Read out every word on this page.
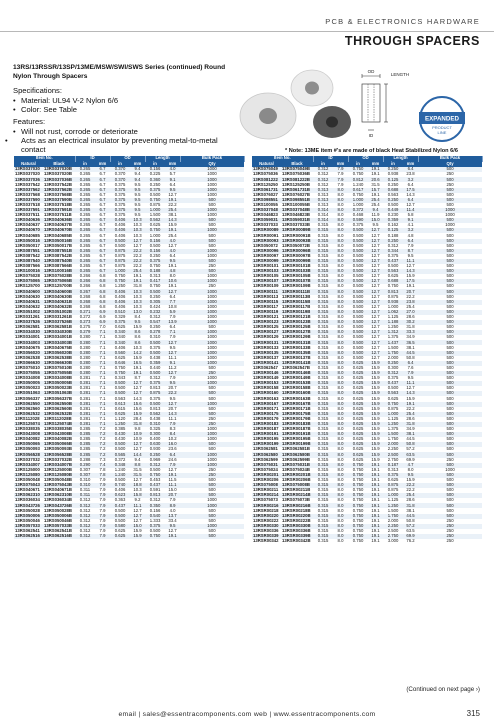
PCB & ELECTRONICS HARDWARE
THROUGH SPACERS
13RS/13RSSR/13SP/13ME/MSW/SWI/SWS Series (continued) Round Nylon Through Spacers
Specifications:
• Material: UL94 V-2 Nylon 6/6
• Color: See Table
Features:
• Will not rust, corrode or deteriorate
• Acts as an electrical insulator by preventing metal-to-metal contact
OD
ID
LENGTH
EXPANDED
PRODUCT
LINE
* Note: 13ME item #'s are made of black Heat Stabilized Nylon 6/6
Item No.		ID		OD		Length		Bulk Pack
Natural	Black	in	mm	in	mm	in	mm	Qty
13RS037030	13RS037030B	0.265	6.7	0.370	9.4	0.156	4.0	1000
13RS037020	13RS037020B	0.265	6.7	0.370	9.4	0.225	5.7	1000
13RS037036	13RS037036B	0.265	6.7	0.370	9.4	0.360	9.1	1000
13RS037542	13RS037542B	0.265	6.7	0.375	9.5	0.250	6.4	1000
13RS037562	13RS037562B	0.265	6.7	0.375	9.5	0.375	9.5	1000
13RS037568	13RS037568B	0.265	6.7	0.375	9.5	0.500	12.7	1000
13RS037590	13RS037590B	0.265	6.7	0.375	9.5	0.750	19.1	500
13RS037518	13RS037518B	0.265	6.7	0.375	9.5	0.875	22.2	500
13RS037591	13RS037591B	0.265	6.7	0.375	9.5	1.000	25.4	1000
13RS037511	13RS037511B	0.265	6.7	0.375	9.5	1.500	38.1	1000
13RS040636	13RS040636B	0.265	6.7	0.406	10.3	0.562	14.3	500
13RS040637	13RS040637B	0.265	6.7	0.406	10.3	0.625	15.9	500
13RS040670	13RS040670B	0.265	6.7	0.406	10.3	0.750	19.1	1000
13RS040685	13RS040685B	0.265	6.7	0.406	10.3	1.000	25.4	500
13RS050016	13RS050016B	0.265	6.7	0.500	12.7	0.156	4.0	500
13RS050017	13RS050017B	0.265	6.7	0.500	12.7	0.500	12.7	500
13RS087551	13RS087551B	0.265	6.7	0.875	22.2	0.156	4.0	1000
13RS087542	13RS087542B	0.265	6.7	0.875	22.2	0.250	6.4	1000
13RS087540	13RS087540B	0.265	6.7	0.875	22.2	0.375	9.5	500
13RS087566	13RS087566B	0.265	6.7	0.875	22.2	0.750	19.1	250
13RS100016	13RS100016B	0.265	6.7	1.000	25.4	0.188	4.8	500
13RS075028	13RS075028B	0.266	6.8	0.750	19.1	0.313	8.0	1000
13RS075065	13RS075065B	0.266	6.8	0.750	19.1	0.417	10.6	1000
13RS125700	13RS125700B	0.266	6.8	1.250	31.8	0.750	19.1	250
13RS040600	13RS040600B	0.267	6.8	0.406	10.3	0.500	12.7	1000
13RS040630	13RS040630B	0.268	6.8	0.406	10.3	0.250	6.4	1000
13RS040631	13RS040631B	0.268	6.8	0.406	10.3	0.305	7.7	1000
13RS040632	13RS040632B	0.268	6.8	0.406	10.3	0.424	10.8	1000
13RS051002	13RS051002B	0.271	6.9	0.510	13.0	0.232	5.9	1000
13RS031261	13RS031261B	0.272	6.9	0.329	8.4	0.312	7.9	1000
13RS037526	13RS037526B	0.273	6.9	0.375	9.5	0.547	13.9	1000
13RS062581	13RS062581B	0.275	7.0	0.625	15.9	0.250	6.4	500
13RS034030	13RS034030B	0.279	7.1	0.340	8.6	0.278	7.1	1000
13RS034001	13RS034001B	0.280	7.1	0.340	8.6	0.310	7.9	1000
13RS034003	13RS034003B	0.280	7.1	0.340	8.6	0.500	12.7	1000
13RS040675	13RS040675B	0.280	7.1	0.406	10.3	0.375	9.5	1000
13RS056020	13RS056020B	0.280	7.1	0.560	14.2	0.500	12.7	1000
13RS062538	13RS062538B	0.280	7.1	0.625	15.9	0.438	11.1	1000
13RS066630	13RS066630B	0.280	7.1	0.646	16.5	0.359	9.1	1000
13RS075010	13RS075010B	0.280	7.1	0.750	19.1	0.440	11.2	500
13RS075055	13RS075055B	0.280	7.1	0.750	19.1	0.500	12.7	250
13RS034008	13RS034008B	0.281	7.1	0.343	8.7	0.312	7.9	1000
13RS050005	13RS050005B	0.281	7.1	0.500	12.7	0.375	9.5	1000
13RS050023	13RS050023B	0.281	7.1	0.500	12.7	0.813	20.7	500
13RS051063	13RS051063B	0.281	7.1	0.500	12.7	0.875	22.2	500
13RS056337	13RS056337B	0.281	7.1	0.563	14.3	0.375	9.5	500
13RS062550	13RS062550B	0.281	7.1	0.613	15.6	0.500	12.7	1000
13RS062560	13RS062560B	0.281	7.1	0.615	15.6	0.813	20.7	500
13RS062532	13RS062532B	0.281	7.1	0.625	15.9	0.562	14.3	500
13RS112028	13RS112028B	0.281	7.1	1.120	28.4	0.438	11.1	250
13RS125074	13RS125074B	0.281	7.1	1.250	31.8	0.310	7.9	250
13RS038035	13RS038035B	0.285	7.2	0.385	9.8	0.325	8.3	1000
13RS043008	13RS043008B	0.285	7.2	0.430	10.9	0.300	8.4	1000
13RS040082	13RS040082B	0.285	7.2	0.430	10.9	0.400	10.2	1000
13RS050065	13RS050065B	0.285	7.2	0.500	12.7	0.630	16.0	500
13RS050093	13RS050093B	0.285	7.2	0.500	12.7	0.930	23.6	500
13RS056528	13RS056528B	0.285	7.2	0.565	14.4	0.250	6.4	1000
13RS037032	13RS037032B	0.288	7.3	0.372	9.4	0.969	24.6	1000
13RS034007	13RS034007B	0.290	7.4	0.348	8.8	0.312	7.9	1000
13RS125000	13RS125000B	0.307	7.8	1.240	31.5	0.500	12.7	250
13RS125080	13RS125080B	0.307	7.8	1.240	31.5	0.750	19.1	250
13RS050048	13RS050048B	0.310	7.9	0.500	12.7	0.453	11.5	500
13RS075043	13RS075043B	0.310	7.9	0.740	18.8	0.437	11.1	500
13RS040671	13RS040671B	0.311	7.9	0.406	10.3	0.591	15.0	500
13RS062310	13RS062310B	0.311	7.9	0.623	15.8	0.813	20.7	500
13RS036034	13RS036034B	0.312	7.9	0.363	9.2	0.312	7.9	1000
13RS043726	13RS043726B	0.312	7.9	0.437	11.1	0.350	8.9	1000
13RS050028	13RS050028B	0.312	7.9	0.500	12.7	0.156	4.0	500
13RS050006	13RS050006B	0.312	7.9	0.500	12.7	0.540	13.7	500
13RS050046	13RS050046B	0.312	7.9	0.500	12.7	1.333	33.4	500
13RS057033	13RS057033B	0.312	7.9	0.580	15.0	0.375	9.5	1000
13RS062541	13RS062541B	0.312	7.9	0.625	15.9	0.500	12.7	500
13RS062516	13RS062516B	0.312	7.9	0.625	15.9	0.750	19.1	500
Item No.		ID		OD		Length		Bulk Pack
Natural	Black	in	mm	in	mm	in	mm	Qty
13RS075049	13RS075049B	0.312	7.9	0.750	19.1	0.250	6.4	500
13RS075036	13RS075036B	0.312	7.9	0.750	19.1	0.938	23.8	250
13RS081222	13RS081222B	0.312	7.9	0.812	20.6	0.125	3.2	500
13RS125250	13RS125250B	0.312	7.9	1.240	31.5	0.250	6.4	250
13RS061731	13RS061731B	0.313	8.0	0.617	15.7	0.688	17.5	500
13RS076027	13RS076027B	0.313	8.0	0.750	19.1	0.563	14.3	500
13RS098551	13RS098551B	0.313	8.0	1.000	25.4	0.250	6.4	500
13RS100055	13RS100055B	0.313	8.0	1.000	25.4	0.500	12.7	500
13RS037048	13RS037048B	0.314	8.0	0.372	9.4	0.449	11.4	1000
13RS046823	13RS046823B	0.314	8.0	0.468	11.9	0.230	5.8	1000
13RS059031	13RS059031B	0.314	8.0	0.590	15.0	0.359	9.1	500
13RS037033	13RS037033B	0.315	8.0	0.375	9.5	0.162	4.1	1000
13RSR00089	13RSR00089B	0.315	8.0	0.500	12.7	0.125	3.2	500
13RSR00091	13RSR00091B	0.315	8.0	0.500	12.7	0.188	4.8	500
13RSR00093	13RSR00093B	0.315	8.0	0.500	12.7	0.250	6.4	500
13RS050072	13RS050072B	0.315	8.0	0.500	12.7	0.312	7.9	500
13RSR00096	13RSR00096B	0.315	8.0	0.500	12.7	0.344	8.7	500
13RSR00097	13RSR00097B	0.315	8.0	0.500	12.7	0.375	9.5	500
13RSR00099	13RSR00099B	0.315	8.0	0.500	12.7	0.437	11.1	500
13RSR00101	13RSR00101B	0.315	8.0	0.500	12.7	0.500	12.7	500
13RSR00103	13RSR00103B	0.315	8.0	0.500	12.7	0.563	14.3	500
13RSR00105	13RSR00105B	0.315	8.0	0.500	12.7	0.625	15.9	500
13RSR00107	13RSR00107B	0.315	8.0	0.500	12.7	0.688	17.5	500
13RSR00109	13RSR00109B	0.315	8.0	0.500	12.7	0.750	19.1	500
13RSR00111	13RSR00111B	0.315	8.0	0.500	12.7	0.813	20.7	500
13RSR00113	13RSR00113B	0.315	8.0	0.500	12.7	0.875	22.2	500
13RSR00115	13RSR00115B	0.315	8.0	0.500	12.7	0.938	23.8	500
13RSR00117	13RSR00117B	0.315	8.0	0.500	12.7	1.000	25.4	500
13RSR00119	13RSR00119B	0.315	8.0	0.500	12.7	1.062	27.0	500
13RSR00121	13RSR00121B	0.315	8.0	0.500	12.7	1.125	28.6	500
13RSR00123	13RSR00123B	0.315	8.0	0.500	12.7	1.188	30.2	500
13RSR00125	13RSR00125B	0.315	8.0	0.500	12.7	1.250	31.8	500
13RSR00127	13RSR00127B	0.315	8.0	0.500	12.7	1.312	33.3	500
13RSR00129	13RSR00129B	0.315	8.0	0.500	12.7	1.375	34.9	500
13RSR00131	13RSR00131B	0.315	8.0	0.500	12.7	1.437	36.5	500
13RSR00133	13RSR00133B	0.315	8.0	0.500	12.7	1.500	38.1	500
13RSR00135	13RSR00135B	0.315	8.0	0.500	12.7	1.750	44.5	500
13RSR00137	13RSR00137B	0.315	8.0	0.500	12.7	2.000	50.8	500
13RSR00141	13RSR00141B	0.315	8.0	0.625	15.9	0.250	6.4	500
13RS062547	13RS062547B	0.315	8.0	0.625	15.9	0.300	7.6	500
13RSR00146	13RSR00146B	0.315	8.0	0.625	15.9	0.312	7.9	500
13RSR00149	13RSR00149B	0.315	8.0	0.625	15.9	0.375	9.5	500
13RSR00153	13RSR00153B	0.315	8.0	0.625	15.9	0.437	11.1	500
13RSR00158	13RSR00158B	0.315	8.0	0.625	15.9	0.500	12.7	500
13RSR00160	13RSR00160B	0.315	8.0	0.625	15.9	0.563	14.3	500
13RSR00163	13RSR00163B	0.315	8.0	0.625	15.9	0.625	15.9	500
13RSR00167	13RSR00167B	0.315	8.0	0.625	15.9	0.750	19.1	500
13RSR00171	13RSR00171B	0.315	8.0	0.625	15.9	0.875	22.2	500
13RSR00175	13RSR00175B	0.315	8.0	0.625	15.9	1.000	25.4	500
13RSR00179	13RSR00179B	0.315	8.0	0.625	15.9	1.125	28.6	500
13RSR00183	13RSR00183B	0.315	8.0	0.625	15.9	1.250	31.8	500
13RSR00187	13RSR00187B	0.315	8.0	0.625	15.9	1.375	34.9	500
13RSR00191	13RSR00191B	0.315	8.0	0.625	15.9	1.500	38.1	500
13RSR00195	13RSR00195B	0.315	8.0	0.625	15.9	1.750	44.5	500
13RSR00199	13RSR00199B	0.315	8.0	0.625	15.9	2.000	50.8	500
13RS062581	13RS062581B	0.315	8.0	0.625	15.9	2.250	57.2	500
13RS062580	13RS062580B	0.315	8.0	0.625	15.9	2.500	63.5	500
13RS062599	13RS062599B	0.315	8.0	0.625	15.9	2.750	69.9	250
13RS075031	13RS075031B	0.315	8.0	0.750	19.1	0.187	4.7	500
13RS075024	13RS075024B	0.315	8.0	0.750	19.1	0.313	8.0	1000
13RSR00201	13RSR00201B	0.315	8.0	0.750	19.1	0.375	9.5	500
13RSR00206	13RSR00206B	0.315	8.0	0.750	19.1	0.625	15.9	500
13RS075008	13RS075008B	0.315	8.0	0.750	19.1	0.875	22.2	500
13RSR00211	13RSR00211B	0.315	8.0	0.750	19.1	0.875	22.2	500
13RSR00214	13RSR00214B	0.315	8.0	0.750	19.1	1.000	25.4	500
13RS075073	13RS075073B	0.315	8.0	0.750	19.1	1.125	28.6	500
13RSR00216	13RSR00216B	0.315	8.0	0.750	19.1	1.250	31.8	500
13RSR00218	13RSR00218B	0.315	8.0	0.750	19.1	1.500	38.1	500
13RSR00220	13RSR00220B	0.315	8.0	0.750	19.1	1.750	44.5	500
13RSR00222	13RSR00222B	0.315	8.0	0.750	19.1	2.000	50.8	250
13RSR00330	13RSR00330B	0.315	8.0	0.750	19.1	2.250	57.2	250
13RSR00336	13RSR00336B	0.315	8.0	0.750	19.1	2.500	63.5	250
13RSR00339	13RSR00339B	0.315	8.0	0.750	19.1	2.750	69.9	250
13RSR00342	13RSR00342B	0.315	8.0	0.750	19.1	3.000	76.2	250
(Continued on next page ›)
email | sales@essentracomponents.com web | www.essentracomponents.com	315
